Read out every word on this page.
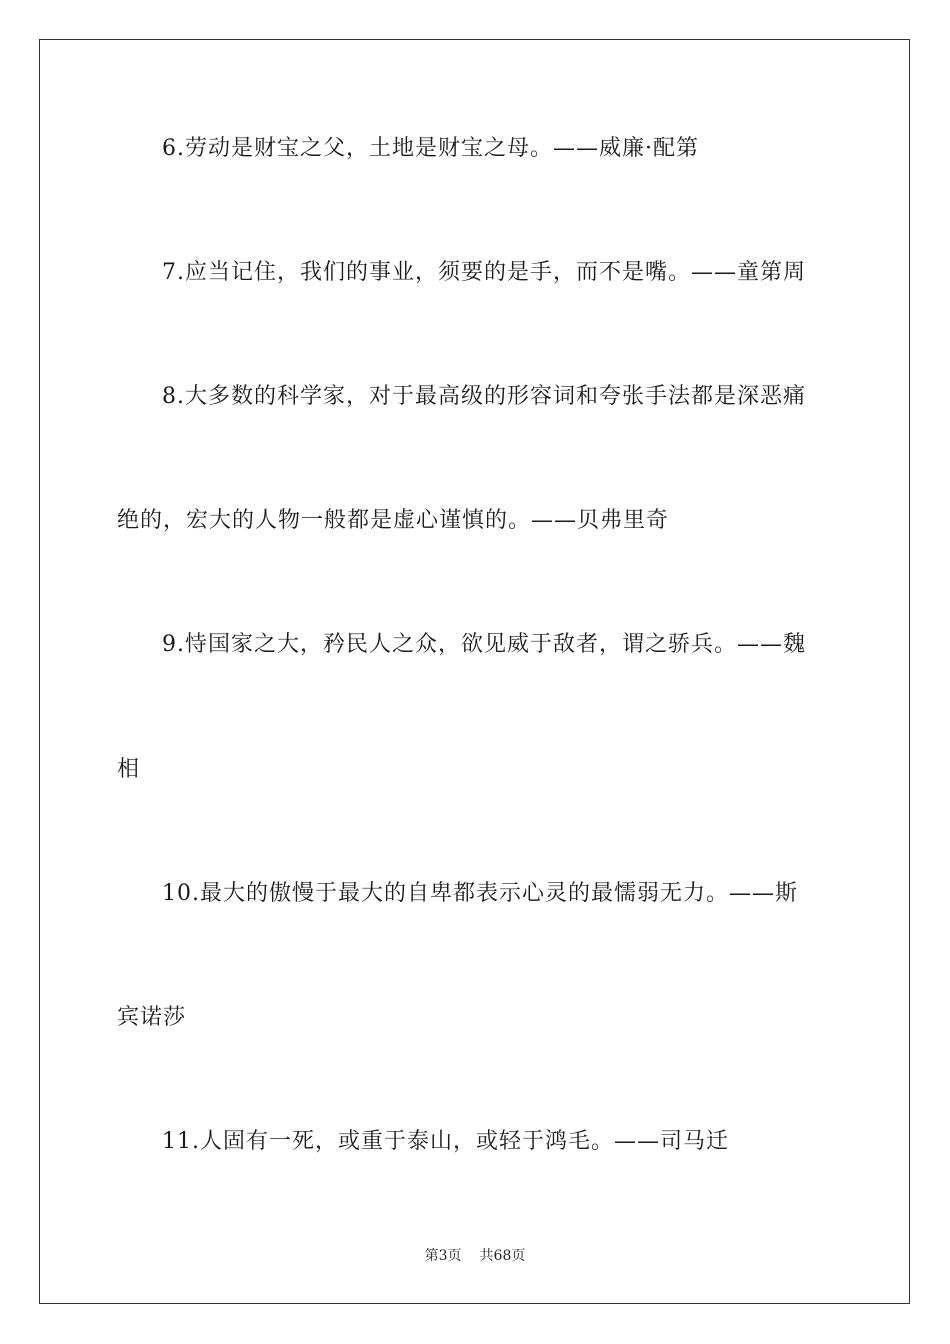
6.劳动是财宝之父，土地是财宝之母。——威廉·配第
7.应当记住，我们的事业，须要的是手，而不是嘴。——童第周
8.大多数的科学家，对于最高级的形容词和夸张手法都是深恶痛
绝的，宏大的人物一般都是虚心谨慎的。——贝弗里奇
9.恃国家之大，矜民人之众，欲见威于敌者，谓之骄兵。——魏
相
10.最大的傲慢于最大的自卑都表示心灵的最懦弱无力。——斯
宾诺莎
11.人固有一死，或重于泰山，或轻于鸿毛。——司马迁
第3页 共68页
